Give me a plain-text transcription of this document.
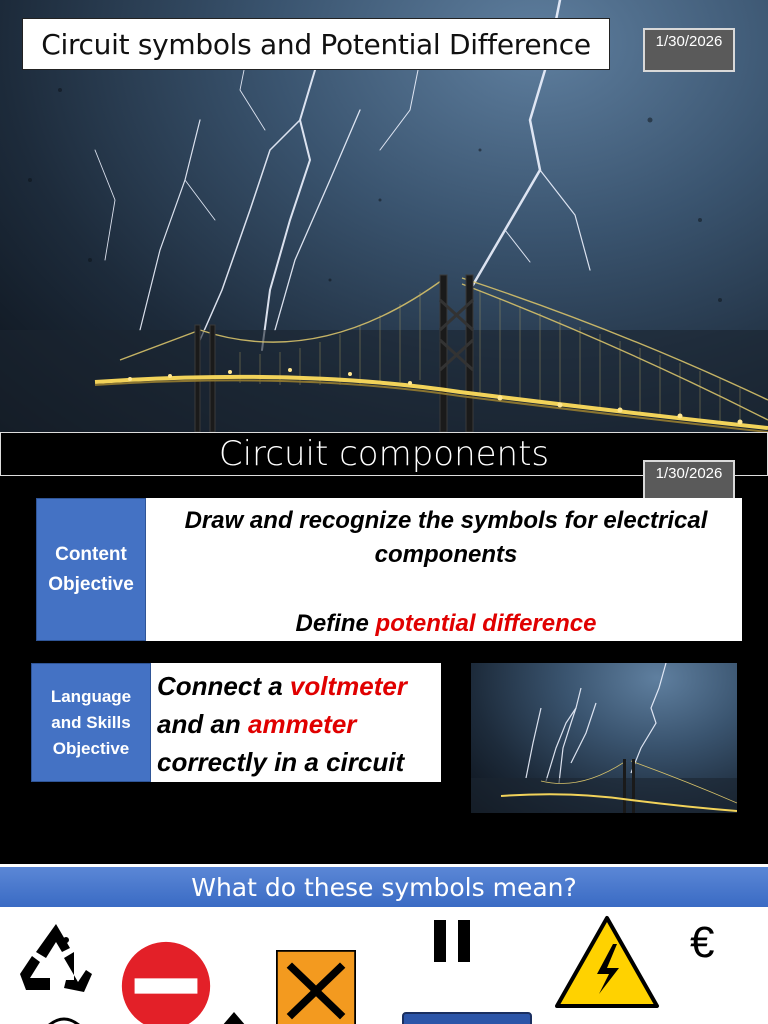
Circuit symbols and Potential Difference	1/30/2026
Circuit components	1/30/2026
Content
Objective
Draw and recognize the symbols for electrical
components
Define potential difference
Language
and Skills
Objective
Connect a voltmeter
and an ammeter
correctly in a circuit
What do these symbols mean?
€
